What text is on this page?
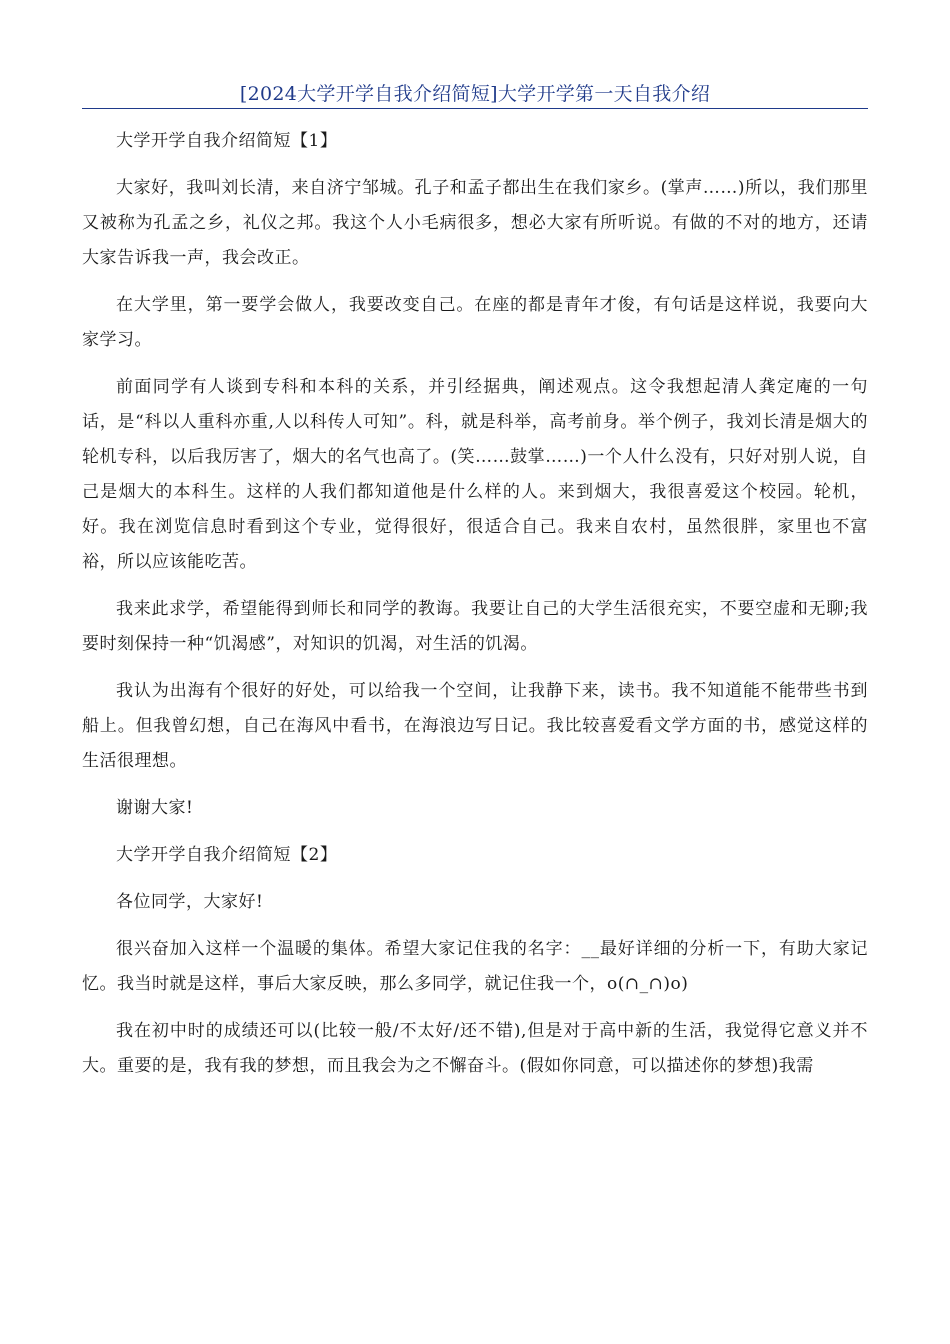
[2024大学开学自我介绍简短]大学开学第一天自我介绍

大学开学自我介绍简短【1】

大家好，我叫刘长清，来自济宁邹城。孔子和孟子都出生在我们家乡。(掌声……)所以，我们那里又被称为孔孟之乡，礼仪之邦。我这个人小毛病很多，想必大家有所听说。有做的不对的地方，还请大家告诉我一声，我会改正。

在大学里，第一要学会做人，我要改变自己。在座的都是青年才俊，有句话是这样说，我要向大家学习。

前面同学有人谈到专科和本科的关系，并引经据典，阐述观点。这令我想起清人龚定庵的一句话，是“科以人重科亦重,人以科传人可知”。科，就是科举，高考前身。举个例子，我刘长清是烟大的轮机专科，以后我厉害了，烟大的名气也高了。(笑……鼓掌……)一个人什么没有，只好对别人说，自己是烟大的本科生。这样的人我们都知道他是什么样的人。来到烟大，我很喜爱这个校园。轮机，好。我在浏览信息时看到这个专业，觉得很好，很适合自己。我来自农村，虽然很胖，家里也不富裕，所以应该能吃苦。

我来此求学，希望能得到师长和同学的教诲。我要让自己的大学生活很充实，不要空虚和无聊;我要时刻保持一种“饥渴感”，对知识的饥渴，对生活的饥渴。

我认为出海有个很好的好处，可以给我一个空间，让我静下来，读书。我不知道能不能带些书到船上。但我曾幻想，自己在海风中看书，在海浪边写日记。我比较喜爱看文学方面的书，感觉这样的生活很理想。

谢谢大家!

大学开学自我介绍简短【2】

各位同学，大家好!

很兴奋加入这样一个温暖的集体。希望大家记住我的名字：__最好详细的分析一下，有助大家记忆。我当时就是这样，事后大家反映，那么多同学，就记住我一个，o(∩_∩)o)

我在初中时的成绩还可以(比较一般/不太好/还不错),但是对于高中新的生活，我觉得它意义并不大。重要的是，我有我的梦想，而且我会为之不懈奋斗。(假如你同意，可以描述你的梦想)我需
